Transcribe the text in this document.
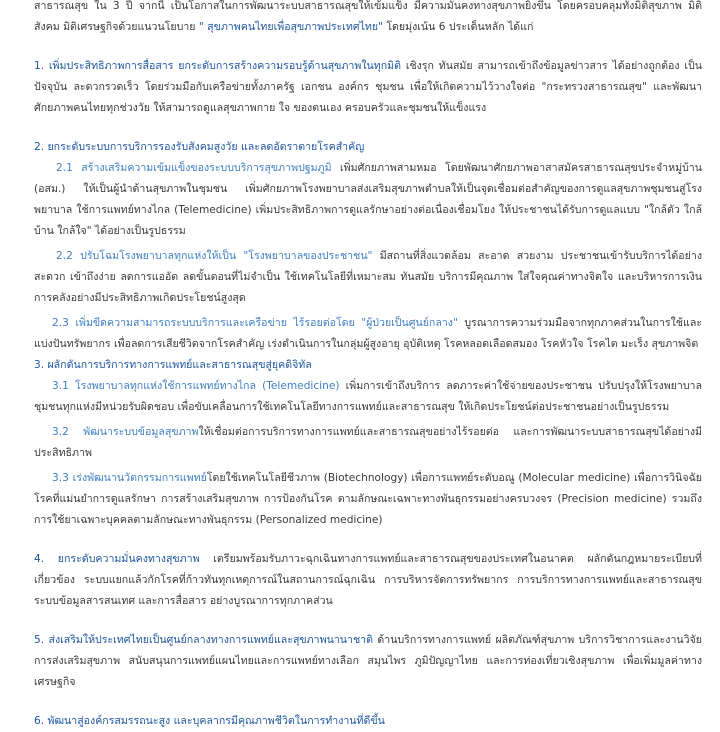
สาธารณสุข ใน 3 ปี จากนี้ เป็นโอกาสในการพัฒนาระบบสาธารณสุขให้เข้มแข็ง มีความมั่นคงทางสุขภาพยิ่งขึ้น โดยครอบคลุมทั้งมิติสุขภาพ มิติสังคม มิติเศรษฐกิจด้วยแนวนโยบาย " สุขภาพคนไทยเพื่อสุขภาพประเทศไทย" โดยมุ่งเน้น 6 ประเด็นหลัก ได้แก่

1. เพิ่มประสิทธิภาพการสื่อสาร ยกระดับการสร้างความรอบรู้ด้านสุขภาพในทุกมิติ เชิงรุก ทันสมัย สามารถเข้าถึงข้อมูลข่าวสาร ได้อย่างถูกต้อง เป็นปัจจุบัน ละดวกรวดเร็ว โดยร่วมมือกับเครือข่ายทั้งภาครัฐ เอกชน องค์กร ชุมชน เพื่อให้เกิดความไว้วางใจต่อ "กระทรวงสาธารณสุข" และพัฒนาศักยภาพคนไทยทุกช่วงวัย ให้สามารถดูแลสุขภาพกาย ใจ ของตนเอง ครอบครัวและชุมชนให้แข็งแรง

2. ยกระดับระบบการบริการรองรับสังคมสูงวัย และลดอัตราตายโรคสำคัญ

2.1 สร้างเสริมความเข้มแข็งของระบบบริการสุขภาพปฐมภูมิ เพิ่มศักยภาพสามหมอ โดยพัฒนาศักยภาพอาสาสมัครสาธารณสุขประจำหมู่บ้าน (อสม.) ให้เป็นผู้นำด้านสุขภาพในชุมชน เพิ่มศักยภาพโรงพยาบาลส่งเสริมสุขภาพตำบลให้เป็นจุดเชื่อมต่อสำคัญของการดูแลสุขภาพชุมชนสู่โรงพยาบาล ใช้การแพทย์ทางไกล (Telemedicine) เพิ่มประสิทธิภาพการดูแลรักษาอย่างต่อเนื่องเชื่อมโยง ให้ประชาชนได้รับการดูแลแบบ "ใกล้ตัว ใกล้บ้าน ใกล้ใจ" ได้อย่างเป็นรูปธรรม

2.2 ปรับโฉมโรงพยาบาลทุกแห่งให้เป็น "โรงพยาบาลของประชาชน" มีสถานที่สิ่งแวดล้อม สะอาด สวยงาม ประชาชนเข้ารับบริการได้อย่างสะดวก เข้าถึงง่าย ลดการแออัด ลดขั้นตอนที่ไม่จำเป็น ใช้เทคโนโลยีที่เหมาะสม ทันสมัย บริการมีคุณภาพ ใส่ใจคุณค่าทางจิตใจ และบริหารการเงินการคลังอย่างมีประสิทธิภาพเกิดประโยชน์สูงสุด

2.3 เพิ่มขีดความสามารถระบบบริการและเครือข่าย ไร้รอยต่อโดย "ผู้ป่วยเป็นศูนย์กลาง" บูรณาการความร่วมมือจากทุกภาคส่วนในการใช้และแบ่งปันทรัพยากร เพื่อลดการเสียชีวิตจากโรคสำคัญ เร่งดำเนินการในกลุ่มผู้สูงอายุ อุบัติเหตุ โรคหลอดเลือดสมอง โรคหัวใจ โรคไต มะเร็ง สุขภาพจิต

3. ผลักดันการบริการทางการแพทย์และสาธารณสุขสู่ยุคดิจิทัล

3.1 โรงพยาบาลทุกแห่งใช้การแพทย์ทางไกล (Telemedicine) เพิ่มการเข้าถึงบริการ ลดภาระค่าใช้จ่ายของประชาชน ปรับปรุงให้โรงพยาบาลชุมชนทุกแห่งมีหน่วยรับผิดชอบ เพื่อขับเคลื่อนการใช้เทคโนโลยีทางการแพทย์และสาธารณสุข ให้เกิดประโยชน์ต่อประชาชนอย่างเป็นรูปธรรม

3.2 พัฒนาระบบข้อมูลสุขภาพให้เชื่อมต่อการบริการทางการแพทย์และสาธารณสุขอย่างไร้รอยต่อ และการพัฒนาระบบสาธารณสุขได้อย่างมีประสิทธิภาพ

3.3 เร่งพัฒนานวัตกรรมการแพทย์โดยใช้เทคโนโลยีชีวภาพ (Biotechnology) เพื่อการแพทย์ระดับอณู (Molecular medicine) เพื่อการวินิจฉัยโรคที่แม่นยำการดูแลรักษา การสร้างเสริมสุขภาพ การป้องกันโรค ตามลักษณะเฉพาะทางพันธุกรรมอย่างครบวงจร (Precision medicine) รวมถึงการใช้ยาเฉพาะบุคคลตามลักษณะทางพันธุกรรม (Personalized medicine)

4. ยกระดับความมั่นคงทางสุขภาพ เตรียมพร้อมรับภาวะฉุกเฉินทางการแพทย์และสาธารณสุขของประเทศในอนาคต ผลักดันกฎหมายระเบียบที่เกี่ยวข้อง ระบบแยกแล้วกักโรคที่ก้าวทันทุกเหตุการณ์ในสถานการณ์ฉุกเฉิน การบริหารจัดการทรัพยากร การบริการทางการแพทย์และสาธารณสุข ระบบข้อมูลสารสนเทศ และการสื่อสาร อย่างบูรณาการทุกภาคส่วน

5. ส่งเสริมให้ประเทศไทยเป็นศูนย์กลางทางการแพทย์และสุขภาพนานาชาติ ด้านบริการทางการแพทย์ ผลิตภัณฑ์สุขภาพ บริการวิชาการและงานวิจัย การส่งเสริมสุขภาพ สนับสนุนการแพทย์แผนไทยและการแพทย์ทางเลือก สมุนไพร ภูมิปัญญาไทย และการท่องเที่ยวเชิงสุขภาพ เพื่อเพิ่มมูลค่าทางเศรษฐกิจ

6. พัฒนาสู่องค์กรสมรรถนะสูง และบุคลากรมีคุณภาพชีวิตในการทำงานที่ดีขึ้น
